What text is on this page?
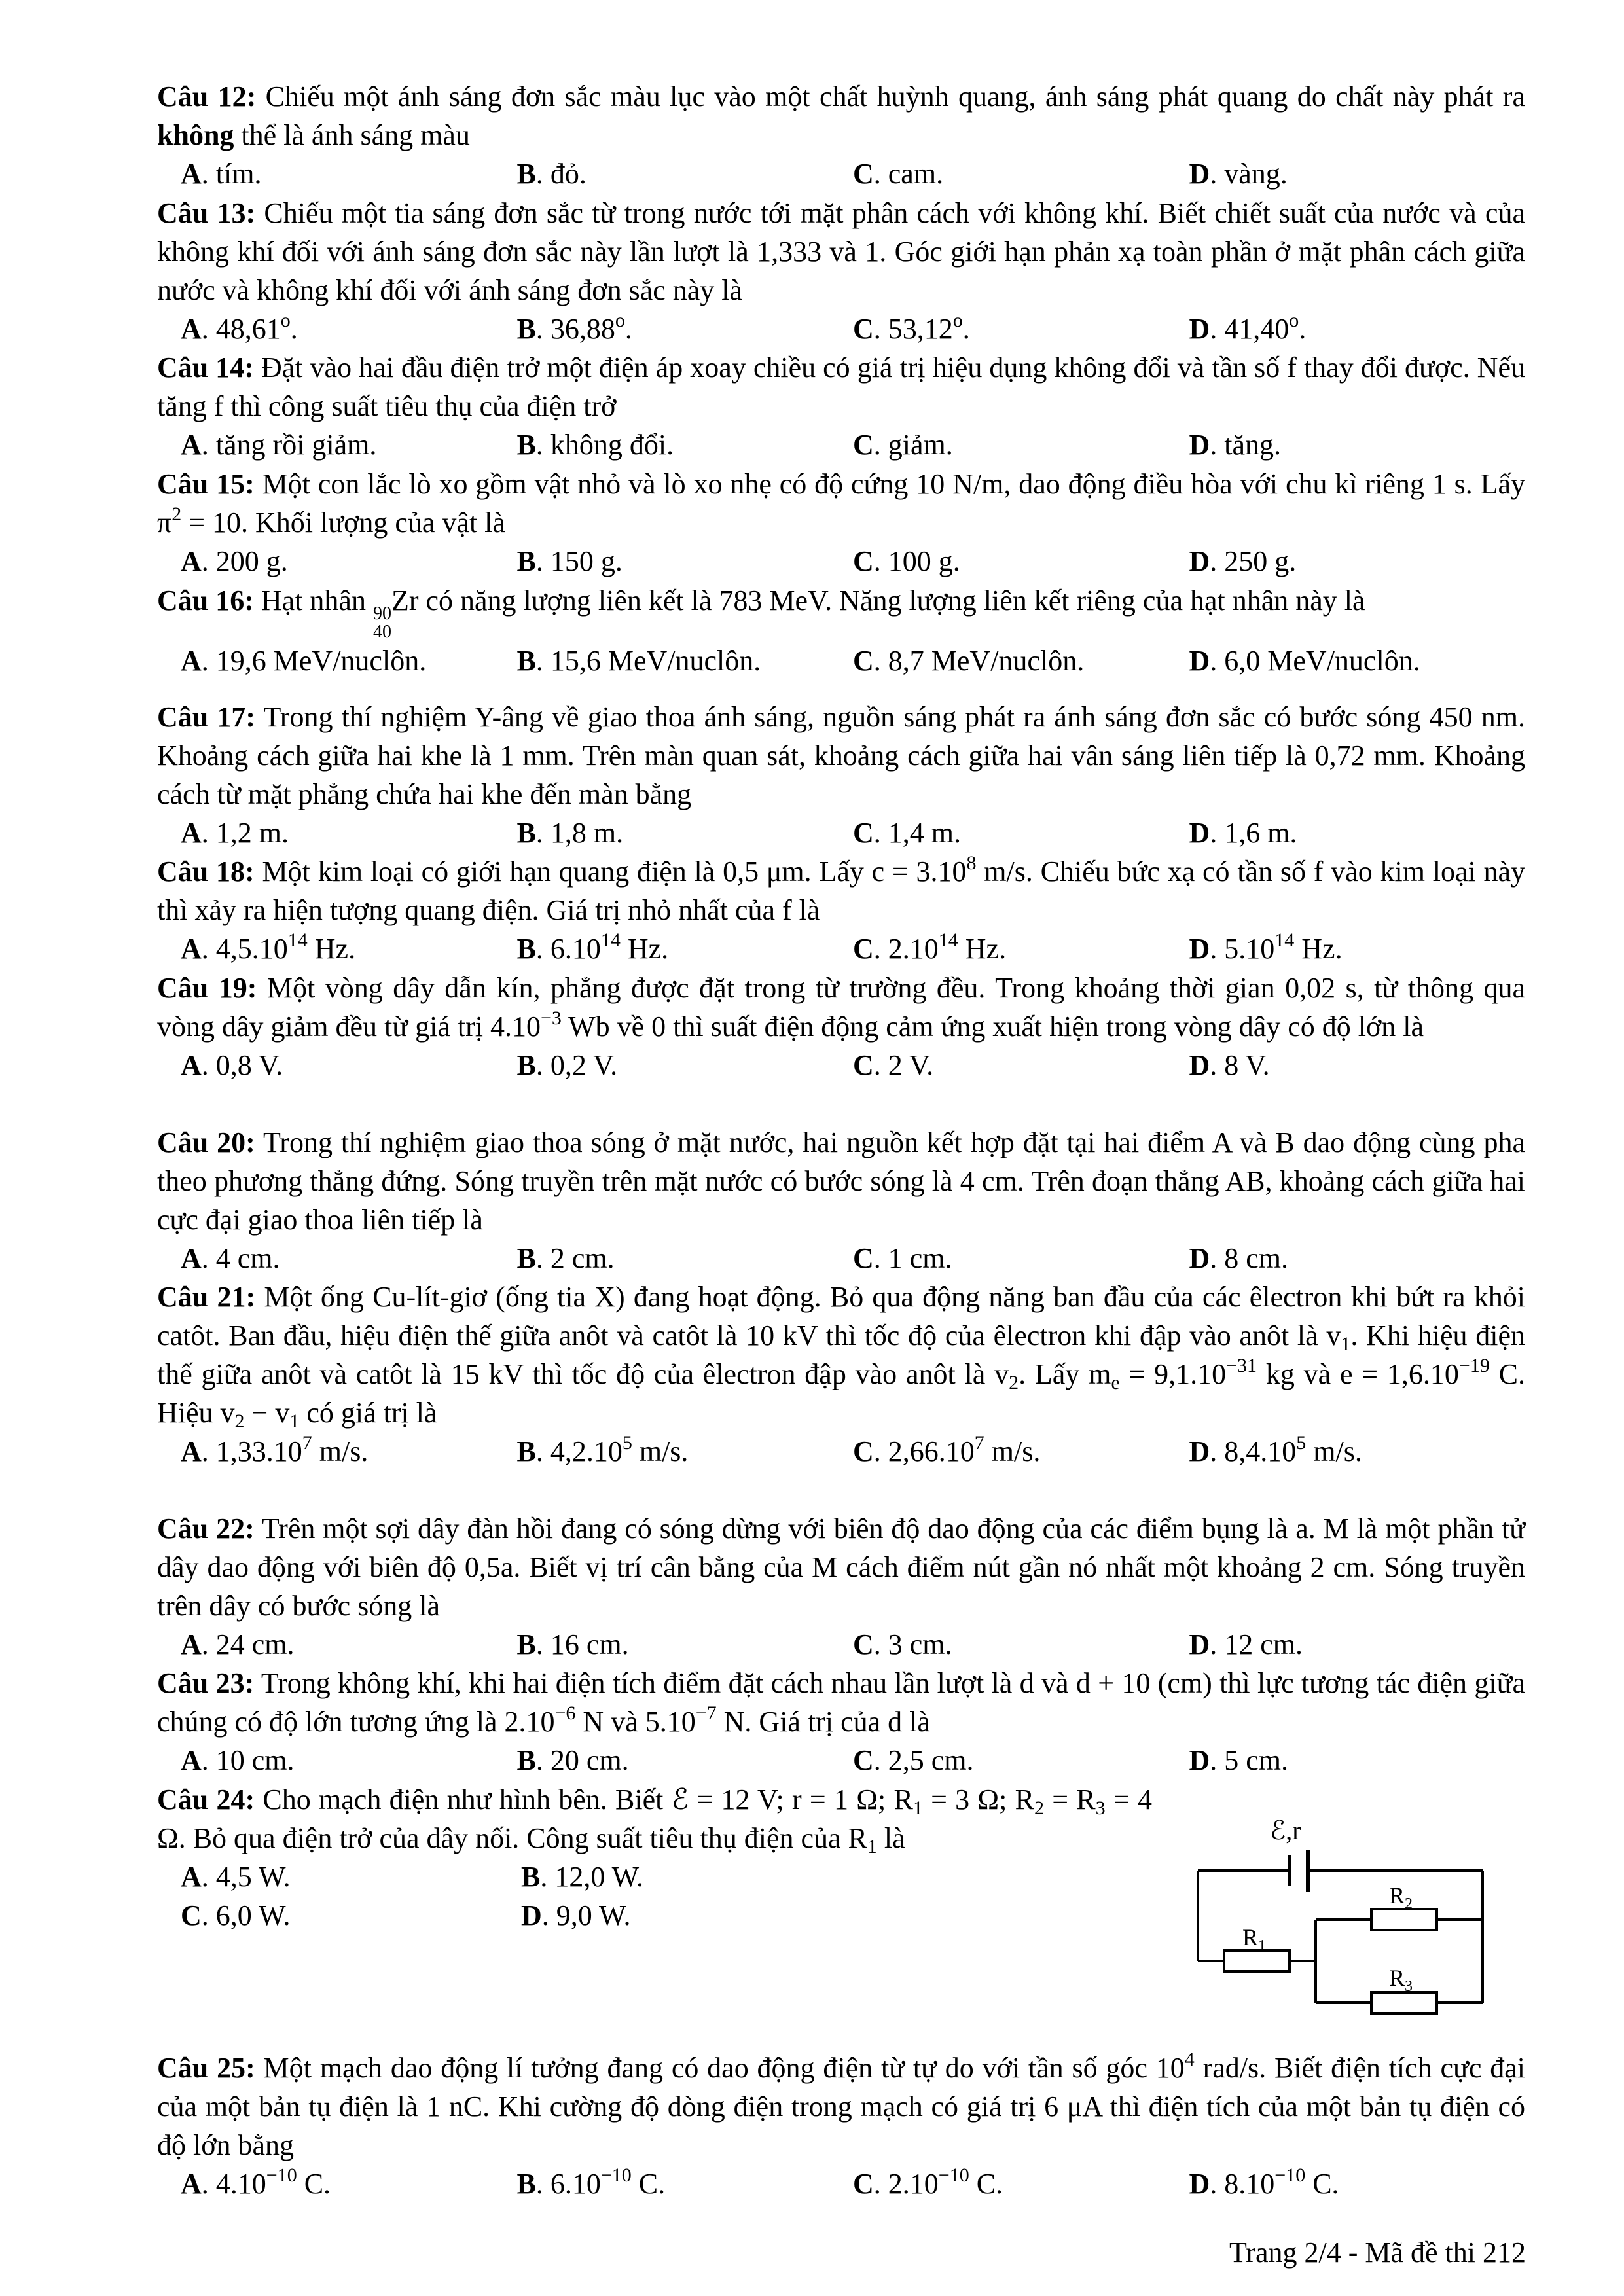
Câu 12: Chiếu một ánh sáng đơn sắc màu lục vào một chất huỳnh quang, ánh sáng phát quang do chất này phát ra không thể là ánh sáng màu

A. tím.	B. đỏ.	C. cam.	D. vàng.

Câu 13: Chiếu một tia sáng đơn sắc từ trong nước tới mặt phân cách với không khí. Biết chiết suất của nước và của không khí đối với ánh sáng đơn sắc này lần lượt là 1,333 và 1. Góc giới hạn phản xạ toàn phần ở mặt phân cách giữa nước và không khí đối với ánh sáng đơn sắc này là

A. 48,61$^o$.	B. 36,88$^o$.	C. 53,12$^o$.	D. 41,40$^o$.

Câu 14: Đặt vào hai đầu điện trở một điện áp xoay chiều có giá trị hiệu dụng không đổi và tần số f thay đổi được. Nếu tăng f thì công suất tiêu thụ của điện trở

A. tăng rồi giảm.	B. không đổi.	C. giảm.	D. tăng.

Câu 15: Một con lắc lò xo gồm vật nhỏ và lò xo nhẹ có độ cứng 10 N/m, dao động điều hòa với chu kì riêng 1 s. Lấy $\pi^2 = 10$. Khối lượng của vật là

A. 200 g.	B. 150 g.	C. 100 g.	D. 250 g.

Câu 16: Hạt nhân 90
40
Zr có năng lượng liên kết là 783 MeV. Năng lượng liên kết riêng của hạt nhân này là

A. 19,6 MeV/nuclôn.	B. 15,6 MeV/nuclôn.	C. 8,7 MeV/nuclôn.	D. 6,0 MeV/nuclôn.

Câu 17: Trong thí nghiệm Y-âng về giao thoa ánh sáng, nguồn sáng phát ra ánh sáng đơn sắc có bước sóng 450 nm. Khoảng cách giữa hai khe là 1 mm. Trên màn quan sát, khoảng cách giữa hai vân sáng liên tiếp là 0,72 mm. Khoảng cách từ mặt phẳng chứa hai khe đến màn bằng

A. 1,2 m.	B. 1,8 m.	C. 1,4 m.	D. 1,6 m.

Câu 18: Một kim loại có giới hạn quang điện là 0,5 μm. Lấy $c = 3.10^8$ m/s. Chiếu bức xạ có tần số f vào kim loại này thì xảy ra hiện tượng quang điện. Giá trị nhỏ nhất của f là

A. 4,5.10$^{14}$ Hz.	B. 6.10$^{14}$ Hz.	C. 2.10$^{14}$ Hz.	D. 5.10$^{14}$ Hz.

Câu 19: Một vòng dây dẫn kín, phẳng được đặt trong từ trường đều. Trong khoảng thời gian 0,02 s, từ thông qua vòng dây giảm đều từ giá trị $4.10^{-3}$ Wb về 0 thì suất điện động cảm ứng xuất hiện trong vòng dây có độ lớn là

A. 0,8 V.	B. 0,2 V.	C. 2 V.	D. 8 V.

Câu 20: Trong thí nghiệm giao thoa sóng ở mặt nước, hai nguồn kết hợp đặt tại hai điểm A và B dao động cùng pha theo phương thẳng đứng. Sóng truyền trên mặt nước có bước sóng là 4 cm. Trên đoạn thẳng AB, khoảng cách giữa hai cực đại giao thoa liên tiếp là

A. 4 cm.	B. 2 cm.	C. 1 cm.	D. 8 cm.

Câu 21: Một ống Cu-lít-giơ (ống tia X) đang hoạt động. Bỏ qua động năng ban đầu của các êlectron khi bứt ra khỏi catôt. Ban đầu, hiệu điện thế giữa anôt và catôt là 10 kV thì tốc độ của êlectron khi đập vào anôt là $v_1$. Khi hiệu điện thế giữa anôt và catôt là 15 kV thì tốc độ của êlectron đập vào anôt là $v_2$. Lấy $m_e = 9,1.10^{-31}$ kg và $e = 1,6.10^{-19}$ C. Hiệu $v_2 - v_1$ có giá trị là

A. 1,33.10$^7$ m/s.	B. 4,2.10$^5$ m/s.	C. 2,66.10$^7$ m/s.	D. 8,4.10$^5$ m/s.

Câu 22: Trên một sợi dây đàn hồi đang có sóng dừng với biên độ dao động của các điểm bụng là a. M là một phần tử dây dao động với biên độ 0,5a. Biết vị trí cân bằng của M cách điểm nút gần nó nhất một khoảng 2 cm. Sóng truyền trên dây có bước sóng là

A. 24 cm.	B. 16 cm.	C. 3 cm.	D. 12 cm.

Câu 23: Trong không khí, khi hai điện tích điểm đặt cách nhau lần lượt là d và d + 10 (cm) thì lực tương tác điện giữa chúng có độ lớn tương ứng là $2.10^{-6}$ N và $5.10^{-7}$ N. Giá trị của d là

A. 10 cm.	B. 20 cm.	C. 2,5 cm.	D. 5 cm.

Câu 24: Cho mạch điện như hình bên. Biết ℰ = 12 V; r = 1 Ω; $R_1 = 3$ Ω; $R_2 = R_3 = 4$ Ω. Bỏ qua điện trở của dây nối. Công suất tiêu thụ điện của $R_1$ là

A. 4,5 W.	B. 12,0 W.
C. 6,0 W.	D. 9,0 W.
ℰ,r
$R_1$
$R_2$
$R_3$

Câu 25: Một mạch dao động lí tưởng đang có dao động điện từ tự do với tần số góc $10^4$ rad/s. Biết điện tích cực đại của một bản tụ điện là 1 nC. Khi cường độ dòng điện trong mạch có giá trị 6 μA thì điện tích của một bản tụ điện có độ lớn bằng

A. $4.10^{-10}$ C.	B. $6.10^{-10}$ C.	C. $2.10^{-10}$ C.	D. $8.10^{-10}$ C.
Trang 2/4 - Mã đề thi 212
